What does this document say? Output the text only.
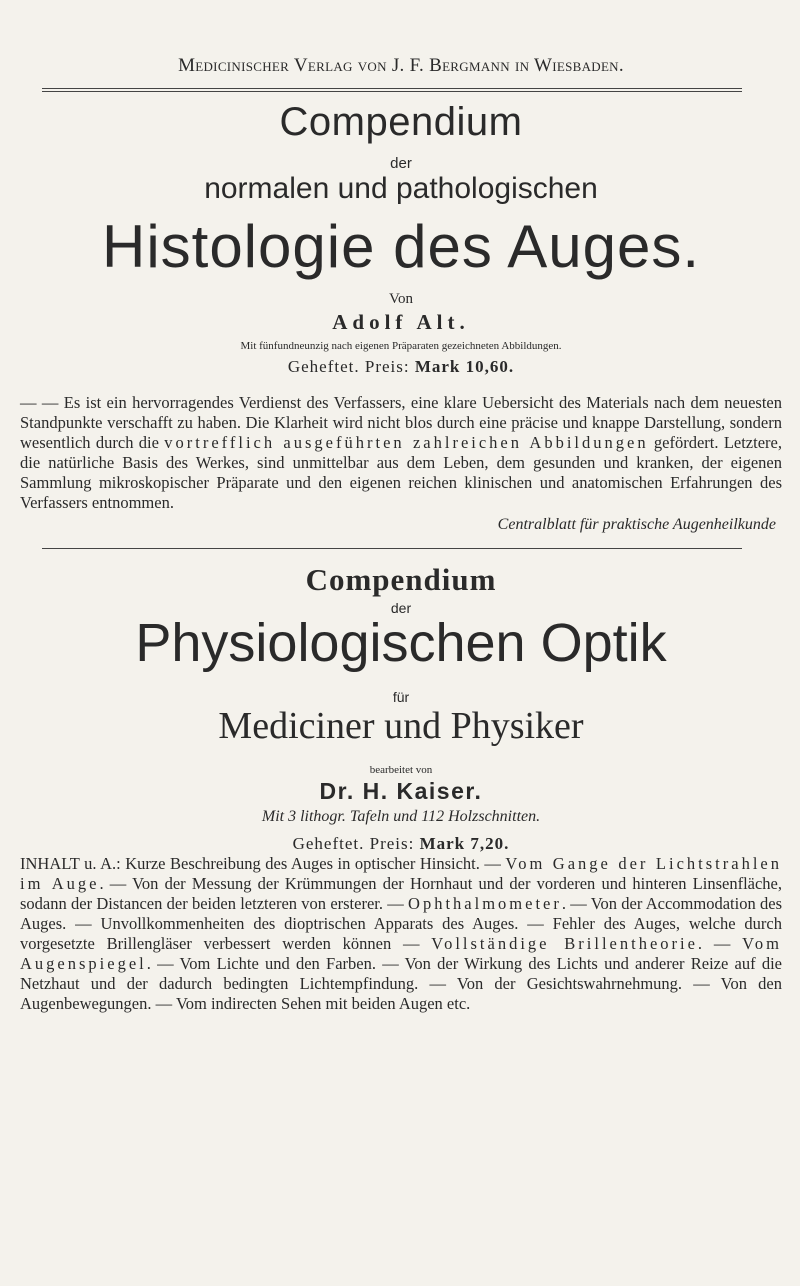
Medicinischer Verlag von J. F. Bergmann in Wiesbaden.
Compendium
der
normalen und pathologischen
Histologie des Auges.
Von
Adolf Alt.
Mit fünfundneunzig nach eigenen Präparaten gezeichneten Abbildungen.
Geheftet. Preis: Mark 10,60.
— — Es ist ein hervorragendes Verdienst des Verfassers, eine klare Uebersicht des Materials nach dem neuesten Standpunkte verschafft zu haben. Die Klarheit wird nicht blos durch eine präcise und knappe Darstellung, sondern wesentlich durch die vortrefflich ausgeführten zahlreichen Abbildungen gefördert. Letztere, die natürliche Basis des Werkes, sind unmittelbar aus dem Leben, dem gesunden und kranken, der eigenen Sammlung mikroskopischer Präparate und den eigenen reichen klinischen und anatomischen Erfahrungen des Verfassers entnommen.
Centralblatt für praktische Augenheilkunde
Compendium
der
Physiologischen Optik
für
Mediciner und Physiker
bearbeitet von
Dr. H. Kaiser.
Mit 3 lithogr. Tafeln und 112 Holzschnitten.
Geheftet. Preis: Mark 7,20.
INHALT u. A.: Kurze Beschreibung des Auges in optischer Hinsicht. — Vom Gange der Lichtstrahlen im Auge. — Von der Messung der Krümmungen der Hornhaut und der vorderen und hinteren Linsenfläche, sodann der Distancen der beiden letzteren von ersterer. — Ophthalmometer. — Von der Accommodation des Auges. — Unvollkommenheiten des dioptrischen Apparats des Auges. — Fehler des Auges, welche durch vorgesetzte Brillengläser verbessert werden können — Vollständige Brillentheorie. — Vom Augenspiegel. — Vom Lichte und den Farben. — Von der Wirkung des Lichts und anderer Reize auf die Netzhaut und der dadurch bedingten Lichtempfindung. — Von der Gesichtswahrnehmung. — Von den Augenbewegungen. — Vom indirecten Sehen mit beiden Augen etc.
